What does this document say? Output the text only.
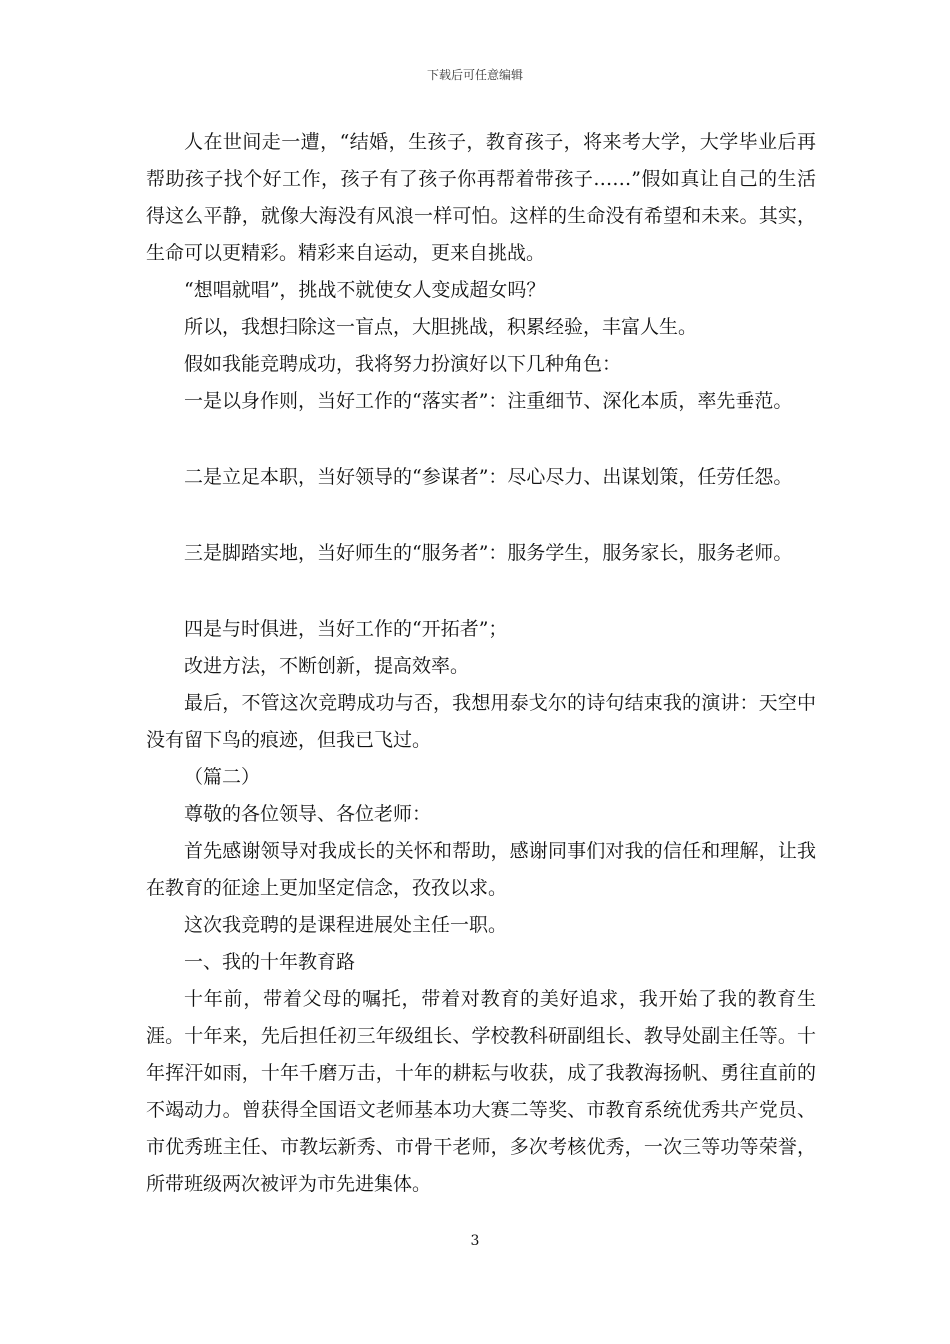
下载后可任意编辑

人在世间走一遭，“结婚，生孩子，教育孩子，将来考大学，大学毕业后再帮助孩子找个好工作，孩子有了孩子你再帮着带孩子……”假如真让自己的生活得这么平静，就像大海没有风浪一样可怕。这样的生命没有希望和未来。其实，生命可以更精彩。精彩来自运动，更来自挑战。

“想唱就唱”，挑战不就使女人变成超女吗？

所以，我想扫除这一盲点，大胆挑战，积累经验，丰富人生。

假如我能竞聘成功，我将努力扮演好以下几种角色：

一是以身作则，当好工作的“落实者”：注重细节、深化本质，率先垂范。

二是立足本职，当好领导的“参谋者”：尽心尽力、出谋划策，任劳任怨。

三是脚踏实地，当好师生的“服务者”：服务学生，服务家长，服务老师。

四是与时俱进，当好工作的“开拓者”；

改进方法，不断创新，提高效率。

最后，不管这次竞聘成功与否，我想用泰戈尔的诗句结束我的演讲：天空中没有留下鸟的痕迹，但我已飞过。

（篇二）

尊敬的各位领导、各位老师：

首先感谢领导对我成长的关怀和帮助，感谢同事们对我的信任和理解，让我在教育的征途上更加坚定信念，孜孜以求。

这次我竞聘的是课程进展处主任一职。

一、我的十年教育路

十年前，带着父母的嘱托，带着对教育的美好追求，我开始了我的教育生涯。十年来，先后担任初三年级组长、学校教科研副组长、教导处副主任等。十年挥汗如雨，十年千磨万击，十年的耕耘与收获，成了我教海扬帆、勇往直前的不竭动力。曾获得全国语文老师基本功大赛二等奖、市教育系统优秀共产党员、市优秀班主任、市教坛新秀、市骨干老师，多次考核优秀，一次三等功等荣誉，所带班级两次被评为市先进集体。

3
